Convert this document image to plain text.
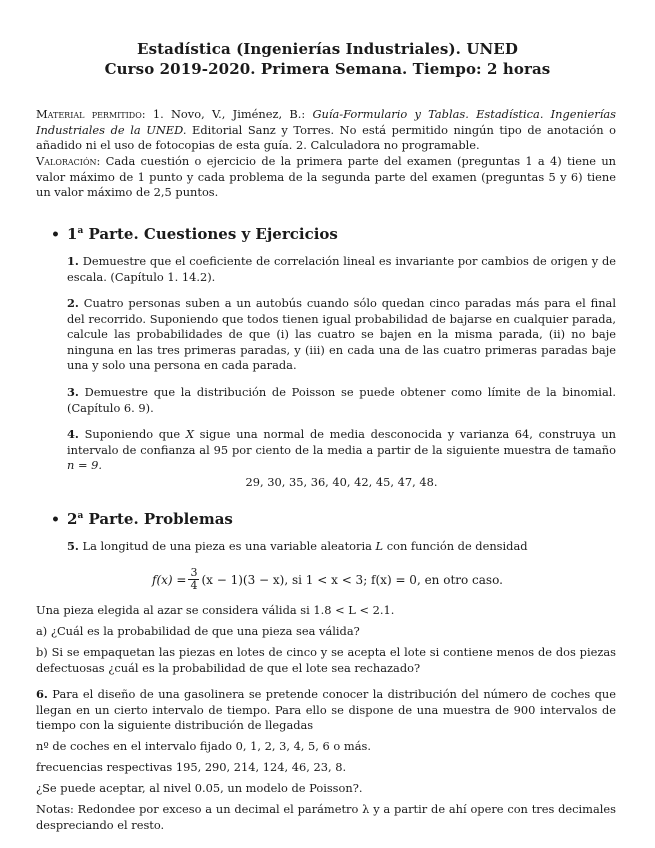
Estadística (Ingenierías Industriales). UNED
Curso 2019-2020. Primera Semana. Tiempo: 2 horas
Material permitido: 1. Novo, V., Jiménez, B.: Guía-Formulario y Tablas. Estadística. Ingenierías Industriales de la UNED. Editorial Sanz y Torres. No está permitido ningún tipo de anotación o añadido ni el uso de fotocopias de esta guía. 2. Calculadora no programable.
Valoración: Cada cuestión o ejercicio de la primera parte del examen (preguntas 1 a 4) tiene un valor máximo de 1 punto y cada problema de la segunda parte del examen (preguntas 5 y 6) tiene un valor máximo de 2,5 puntos.
• 1$^a$ Parte. Cuestiones y Ejercicios
1. Demuestre que el coeficiente de correlación lineal es invariante por cambios de origen y de escala. (Capítulo 1. 14.2).
2. Cuatro personas suben a un autobús cuando sólo quedan cinco paradas más para el final del recorrido. Suponiendo que todos tienen igual probabilidad de bajarse en cualquier parada, calcule las probabilidades de que (i) las cuatro se bajen en la misma parada, (ii) no baje ninguna en las tres primeras paradas, y (iii) en cada una de las cuatro primeras paradas baje una y solo una persona en cada parada.
3. Demuestre que la distribución de Poisson se puede obtener como límite de la binomial. (Capítulo 6. 9).
4. Suponiendo que X sigue una normal de media desconocida y varianza 64, construya un intervalo de confianza al 95 por ciento de la media a partir de la siguiente muestra de tamaño n = 9.
29, 30, 35, 36, 40, 42, 45, 47, 48.
• 2$^a$ Parte. Problemas
5. La longitud de una pieza es una variable aleatoria L con función de densidad
$f(x) = \frac{3}{4} (x - 1)(3 - x)$, si 1 < x < 3; f(x) = 0, en otro caso.
Una pieza elegida al azar se considera válida si 1.8 < L < 2.1.
a) ¿Cuál es la probabilidad de que una pieza sea válida?
b) Si se empaquetan las piezas en lotes de cinco y se acepta el lote si contiene menos de dos piezas defectuosas ¿cuál es la probabilidad de que el lote sea rechazado?
6. Para el diseño de una gasolinera se pretende conocer la distribución del número de coches que llegan en un cierto intervalo de tiempo. Para ello se dispone de una muestra de 900 intervalos de tiempo con la siguiente distribución de llegadas
nº de coches en el intervalo fijado 0, 1, 2, 3, 4, 5, 6 o más.
frecuencias respectivas 195, 290, 214, 124, 46, 23, 8.
¿Se puede aceptar, al nivel 0.05, un modelo de Poisson?.
Notas: Redondee por exceso a un decimal el parámetro λ y a partir de ahí opere con tres decimales despreciando el resto.
